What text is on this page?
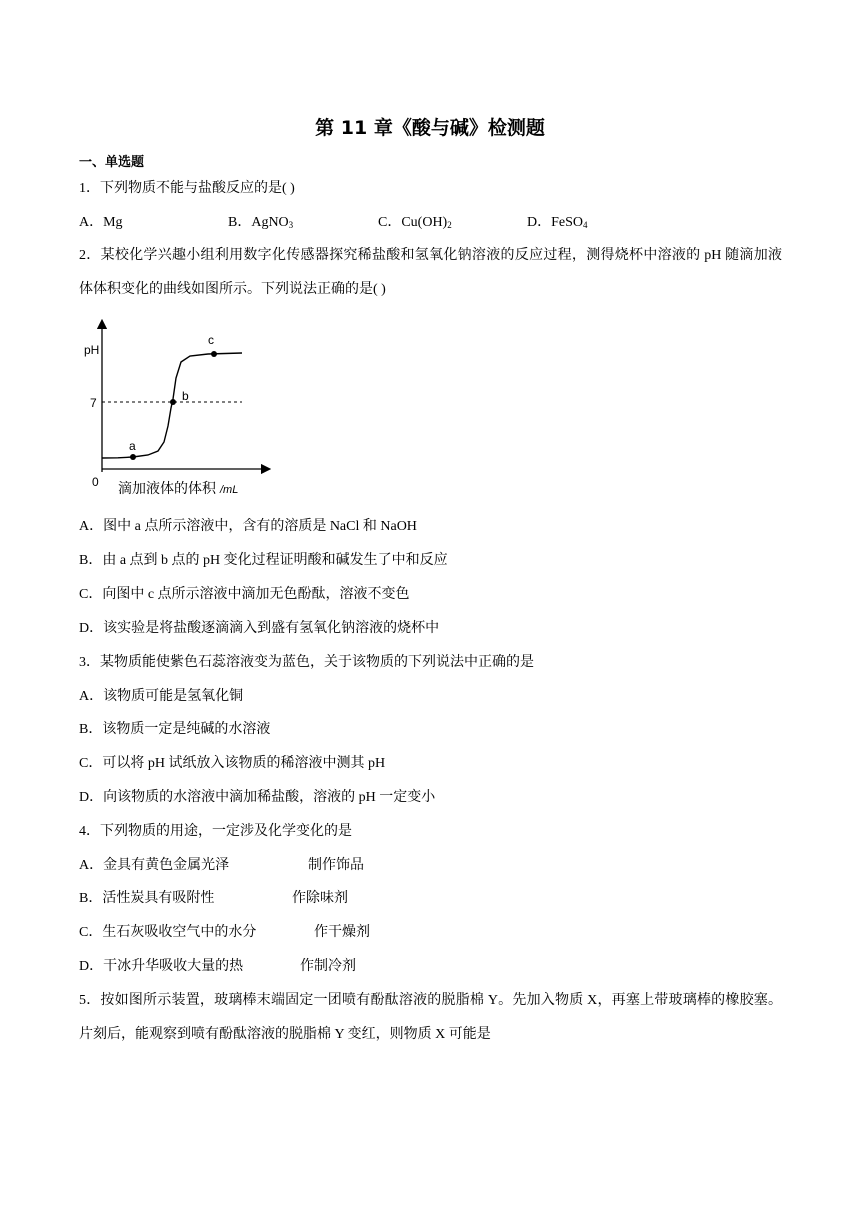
第 11 章《酸与碱》检测题
一、单选题
1．下列物质不能与盐酸反应的是( )
A．Mg	B．AgNO$_3$	C．$Cu(OH)_2$	D．FeSO$_4$
2．某校化学兴趣小组利用数字化传感器探究稀盐酸和氢氧化钠溶液的反应过程，测得烧杯中溶液的 pH 随滴加液体体积变化的曲线如图所示。下列说法正确的是( )
pH
7
0
a
b
c
滴加液体的体积 /mL
A．图中 a 点所示溶液中，含有的溶质是 NaCl 和 NaOH
B．由 a 点到 b 点的 pH 变化过程证明酸和碱发生了中和反应
C．向图中 c 点所示溶液中滴加无色酚酞，溶液不变色
D．该实验是将盐酸逐滴滴入到盛有氢氧化钠溶液的烧杯中
3．某物质能使紫色石蕊溶液变为蓝色，关于该物质的下列说法中正确的是
A．该物质可能是氢氧化铜
B．该物质一定是纯碱的水溶液
C．可以将 pH 试纸放入该物质的稀溶液中测其 pH
D．向该物质的水溶液中滴加稀盐酸，溶液的 pH 一定变小
4．下列物质的用途，一定涉及化学变化的是
A．金具有黄色金属光泽	制作饰品
B．活性炭具有吸附性	作除味剂
C．生石灰吸收空气中的水分	作干燥剂
D．干冰升华吸收大量的热	作制冷剂
5．按如图所示装置，玻璃棒末端固定一团喷有酚酞溶液的脱脂棉 Y。先加入物质 X，再塞上带玻璃棒的橡胶塞。片刻后，能观察到喷有酚酞溶液的脱脂棉 Y 变红，则物质 X 可能是
